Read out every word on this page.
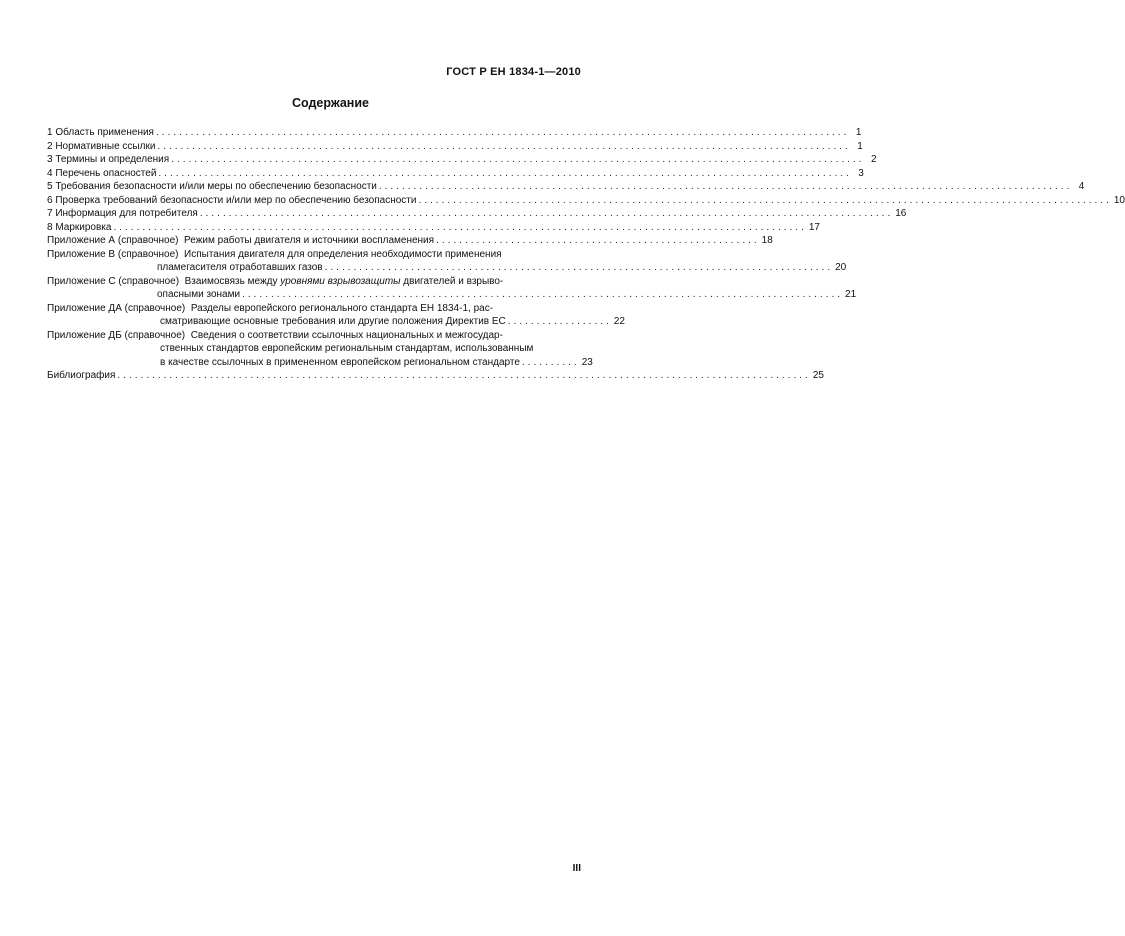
ГОСТ Р ЕН 1834-1—2010
Содержание
1 Область применения ........................................................................................................................ 1
2 Нормативные ссылки ........................................................................................................................ 1
3 Термины и определения ........................................................................................................................ 2
4 Перечень опасностей ........................................................................................................................ 3
5 Требования безопасности и/или меры по обеспечению безопасности ........................................................................................................................ 4
6 Проверка требований безопасности и/или мер по обеспечению безопасности ........................................................................................................................ 10
7 Информация для потребителя ........................................................................................................................ 16
8 Маркировка ........................................................................................................................ 17
Приложение А (справочное)
Режим работы двигателя и источники воспламенения ........................................................ 18
Приложение В (справочное) Испытания двигателя для определения необходимости применения
пламегасителя отработавших газов ........................................................................................ 20
Приложение С (справочное) Взаимосвязь между уровнями взрывозащиты двигателей и взрыво-
опасными зонами ........................................................................................................ 21
Приложение ДА (справочное) Разделы европейского регионального стандарта ЕН 1834-1, рас-
сматривающие основные требования или другие положения Директив ЕС .................. 22
Приложение ДБ (справочное) Сведения о соответствии ссылочных национальных и межгосудар-
ственных стандартов европейским региональным стандартам, использованным
в качестве ссылочных в примененном европейском региональном стандарте .......... 23
Библиография ........................................................................................................................ 25
III
